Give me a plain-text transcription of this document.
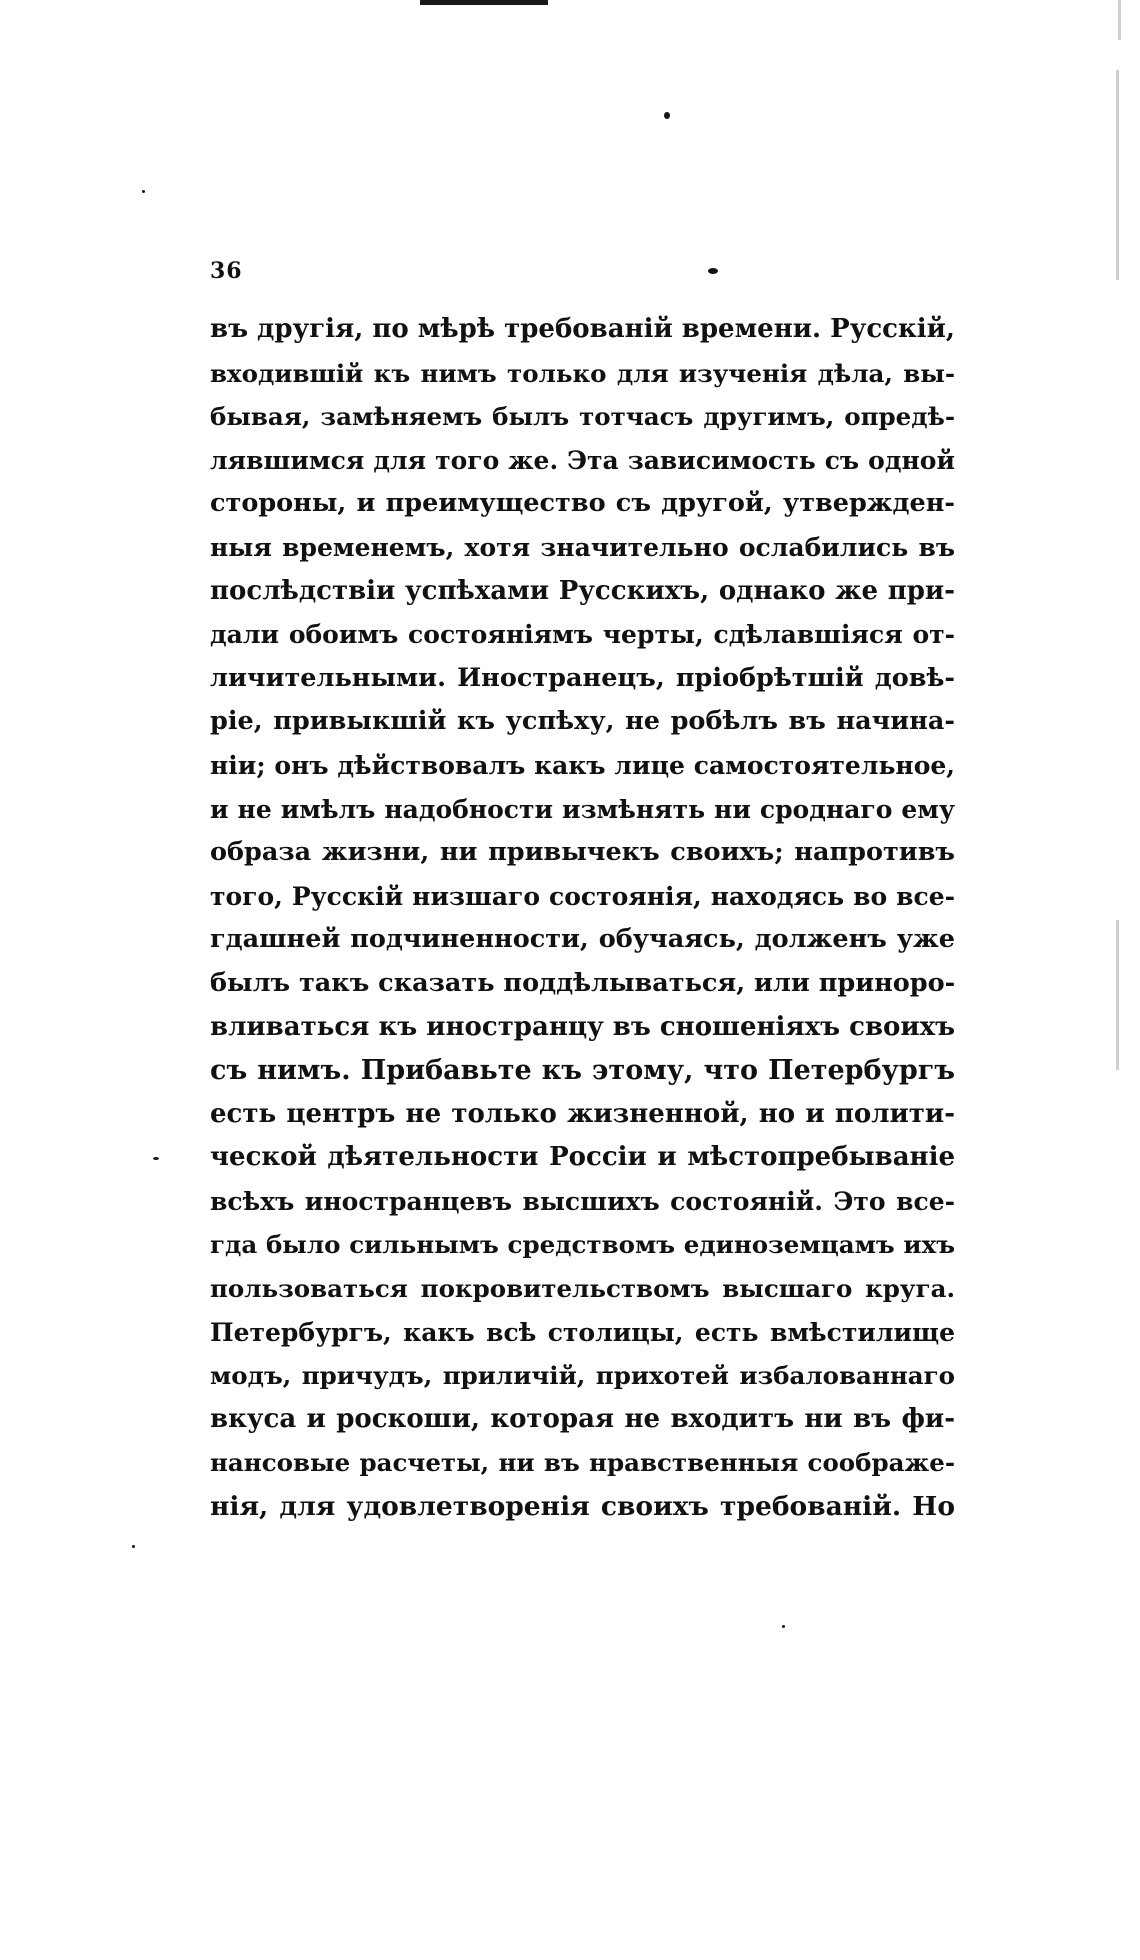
36
въ другія, по мѣрѣ требованій времени. Русскій,
входившій къ нимъ только для изученія дѣла, вы-
бывая, замѣняемъ былъ тотчасъ другимъ, опредѣ-
лявшимся для того же. Эта зависимость съ одной
стороны, и преимущество съ другой, утвержден-
ныя временемъ, хотя значительно ослабились въ
послѣдствіи успѣхами Русскихъ, однако же при-
дали обоимъ состояніямъ черты, сдѣлавшіяся от-
личительными. Иностранецъ, пріобрѣтшій довѣ-
ріе, привыкшій къ успѣху, не робѣлъ въ начина-
ніи; онъ дѣйствовалъ какъ лице самостоятельное,
и не имѣлъ надобности измѣнять ни сроднаго ему
образа жизни, ни привычекъ своихъ; напротивъ
того, Русскій низшаго состоянія, находясь во все-
гдашней подчиненности, обучаясь, долженъ уже
былъ такъ сказать поддѣлываться, или приноро-
вливаться къ иностранцу въ сношеніяхъ своихъ
съ нимъ. Прибавьте къ этому, что Петербургъ
есть центръ не только жизненной, но и полити-
ческой дѣятельности Россіи и мѣстопребываніе
всѣхъ иностранцевъ высшихъ состояній. Это все-
гда было сильнымъ средствомъ единоземцамъ ихъ
пользоваться покровительствомъ высшаго круга.
Петербургъ, какъ всѣ столицы, есть вмѣстилище
модъ, причудъ, приличій, прихотей избалованнаго
вкуса и роскоши, которая не входитъ ни въ фи-
нансовые расчеты, ни въ нравственныя соображе-
нія, для удовлетворенія своихъ требованій. Но
